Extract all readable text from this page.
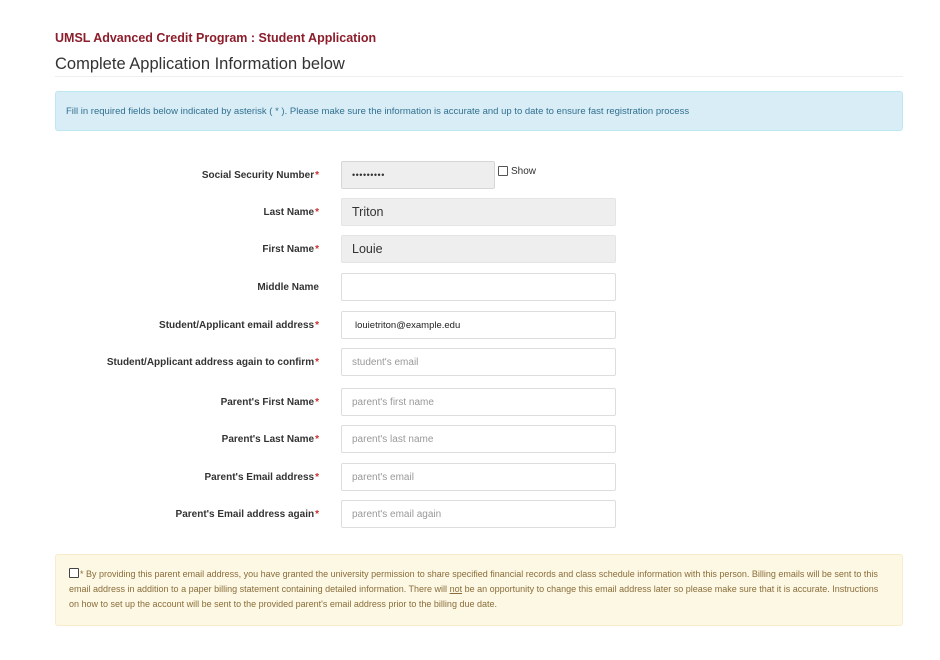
UMSL Advanced Credit Program : Student Application
Complete Application Information below
Fill in required fields below indicated by asterisk ( * ). Please make sure the information is accurate and up to date to ensure fast registration process
Social Security Number *
•••••••••	Show
Last Name *
Triton
First Name *
Louie
Middle Name
Student/Applicant email address *
louietriton@example.edu
Student/Applicant address again to confirm *
student's email
Parent's First Name *
parent's first name
Parent's Last Name *
parent's last name
Parent's Email address *
parent's email
Parent's Email address again *
parent's email again
* By providing this parent email address, you have granted the university permission to share specified financial records and class schedule information with this person. Billing emails will be sent to this email address in addition to a paper billing statement containing detailed information. There will not be an opportunity to change this email address later so please make sure that it is accurate. Instructions on how to set up the account will be sent to the provided parent's email address prior to the billing due date.
